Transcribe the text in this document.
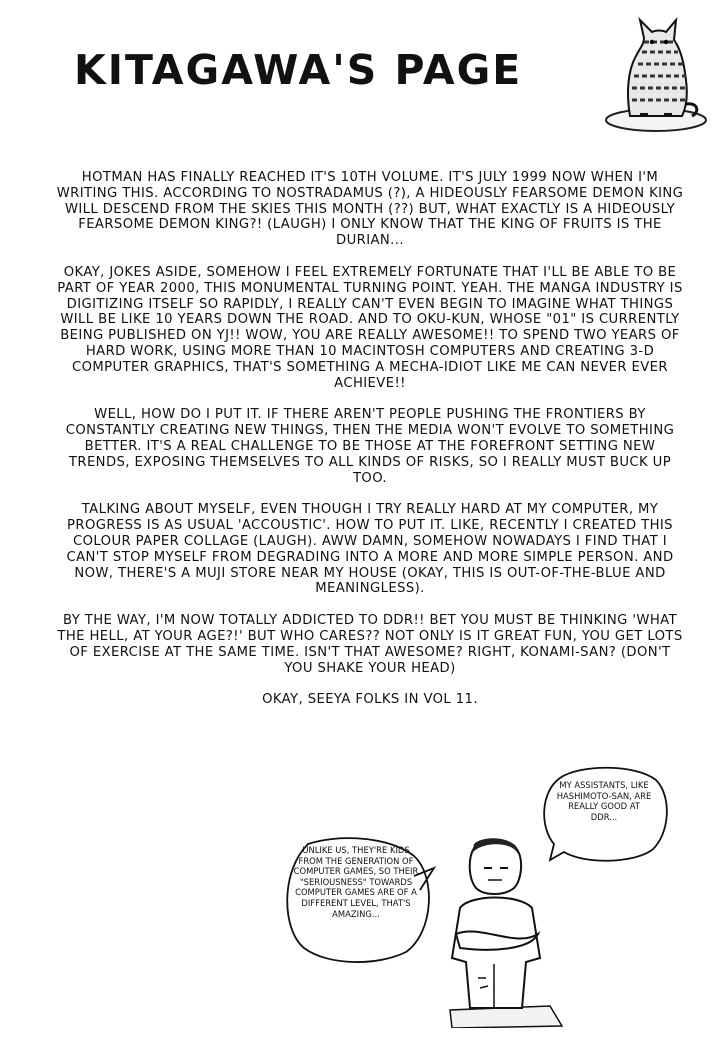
KITAGAWA'S PAGE

HOTMAN HAS FINALLY REACHED IT'S 10TH VOLUME. IT'S JULY 1999 NOW WHEN I'M WRITING THIS. ACCORDING TO NOSTRADAMUS (?), A HIDEOUSLY FEARSOME DEMON KING WILL DESCEND FROM THE SKIES THIS MONTH (??) BUT, WHAT EXACTLY IS A HIDEOUSLY FEARSOME DEMON KING?! (LAUGH) I ONLY KNOW THAT THE KING OF FRUITS IS THE DURIAN...

OKAY, JOKES ASIDE, SOMEHOW I FEEL EXTREMELY FORTUNATE THAT I'LL BE ABLE TO BE PART OF YEAR 2000, THIS MONUMENTAL TURNING POINT. YEAH. THE MANGA INDUSTRY IS DIGITIZING ITSELF SO RAPIDLY, I REALLY CAN'T EVEN BEGIN TO IMAGINE WHAT THINGS WILL BE LIKE 10 YEARS DOWN THE ROAD. AND TO OKU-KUN, WHOSE "01" IS CURRENTLY BEING PUBLISHED ON YJ!! WOW, YOU ARE REALLY AWESOME!! TO SPEND TWO YEARS OF HARD WORK, USING MORE THAN 10 MACINTOSH COMPUTERS AND CREATING 3-D COMPUTER GRAPHICS, THAT'S SOMETHING A MECHA-IDIOT LIKE ME CAN NEVER EVER ACHIEVE!!

WELL, HOW DO I PUT IT. IF THERE AREN'T PEOPLE PUSHING THE FRONTIERS BY CONSTANTLY CREATING NEW THINGS, THEN THE MEDIA WON'T EVOLVE TO SOMETHING BETTER. IT'S A REAL CHALLENGE TO BE THOSE AT THE FOREFRONT SETTING NEW TRENDS, EXPOSING THEMSELVES TO ALL KINDS OF RISKS, SO I REALLY MUST BUCK UP TOO.

TALKING ABOUT MYSELF, EVEN THOUGH I TRY REALLY HARD AT MY COMPUTER, MY PROGRESS IS AS USUAL 'ACCOUSTIC'. HOW TO PUT IT. LIKE, RECENTLY I CREATED THIS COLOUR PAPER COLLAGE (LAUGH). AWW DAMN, SOMEHOW NOWADAYS I FIND THAT I CAN'T STOP MYSELF FROM DEGRADING INTO A MORE AND MORE SIMPLE PERSON. AND NOW, THERE'S A MUJI STORE NEAR MY HOUSE (OKAY, THIS IS OUT-OF-THE-BLUE AND MEANINGLESS).

BY THE WAY, I'M NOW TOTALLY ADDICTED TO DDR!! BET YOU MUST BE THINKING 'WHAT THE HELL, AT YOUR AGE?!' BUT WHO CARES?? NOT ONLY IS IT GREAT FUN, YOU GET LOTS OF EXERCISE AT THE SAME TIME. ISN'T THAT AWESOME? RIGHT, KONAMI-SAN? (DON'T YOU SHAKE YOUR HEAD)

OKAY, SEEYA FOLKS IN VOL 11.

MY ASSISTANTS, LIKE HASHIMOTO-SAN, ARE REALLY GOOD AT DDR...
UNLIKE US, THEY'RE KIDS FROM THE GENERATION OF COMPUTER GAMES, SO THEIR "SERIOUSNESS" TOWARDS COMPUTER GAMES ARE OF A DIFFERENT LEVEL, THAT'S AMAZING...
